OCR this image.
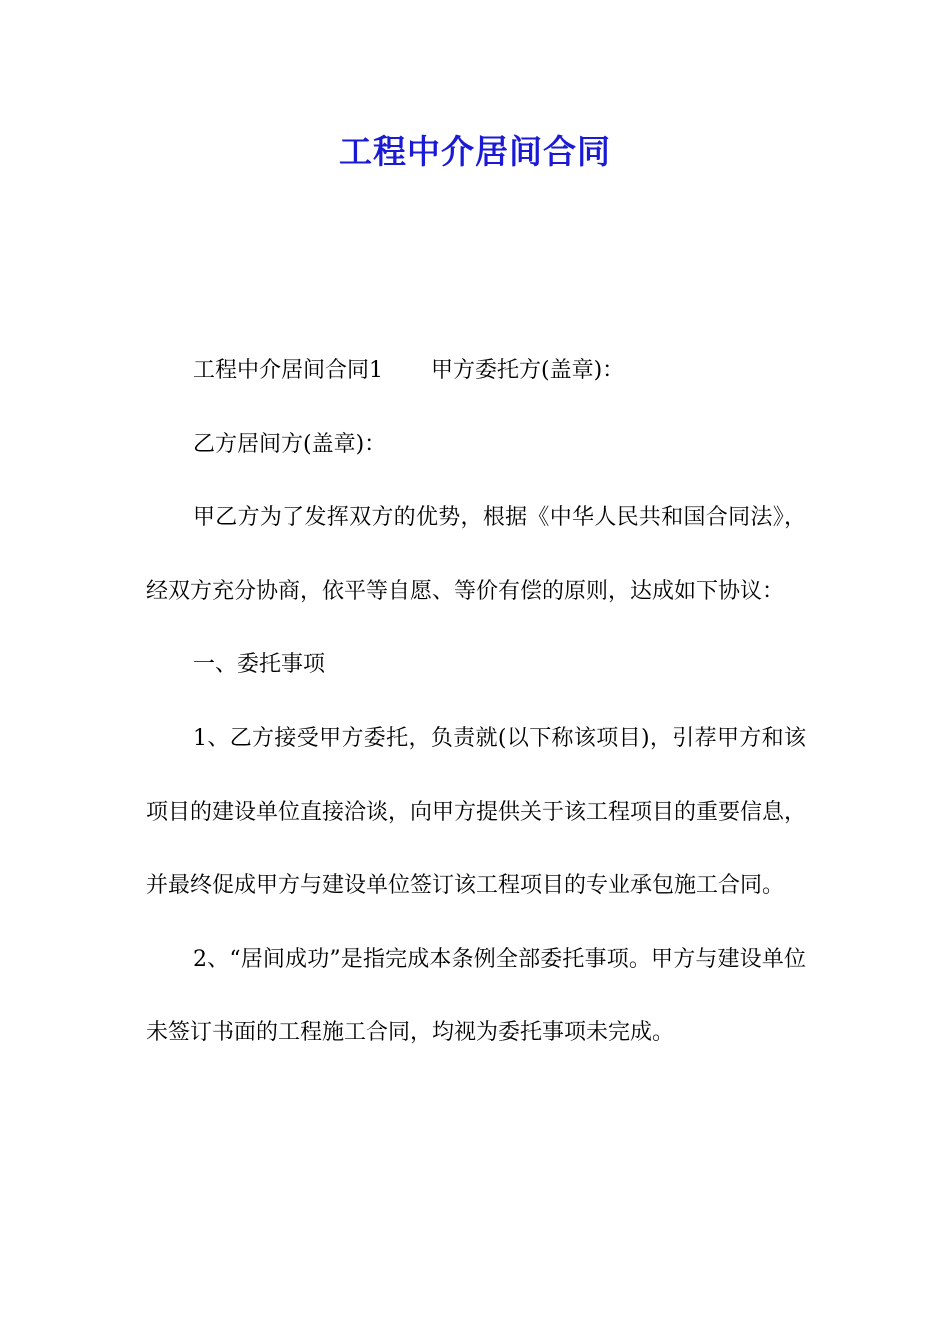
工程中介居间合同

工程中介居间合同1 甲方委托方(盖章)：

乙方居间方(盖章)：

甲乙方为了发挥双方的优势，根据《中华人民共和国合同法》，经双方充分协商，依平等自愿、等价有偿的原则，达成如下协议：

一、委托事项

1、乙方接受甲方委托，负责就(以下称该项目)，引荐甲方和该项目的建设单位直接洽谈，向甲方提供关于该工程项目的重要信息，并最终促成甲方与建设单位签订该工程项目的专业承包施工合同。

2、“居间成功”是指完成本条例全部委托事项。甲方与建设单位未签订书面的工程施工合同，均视为委托事项未完成。
